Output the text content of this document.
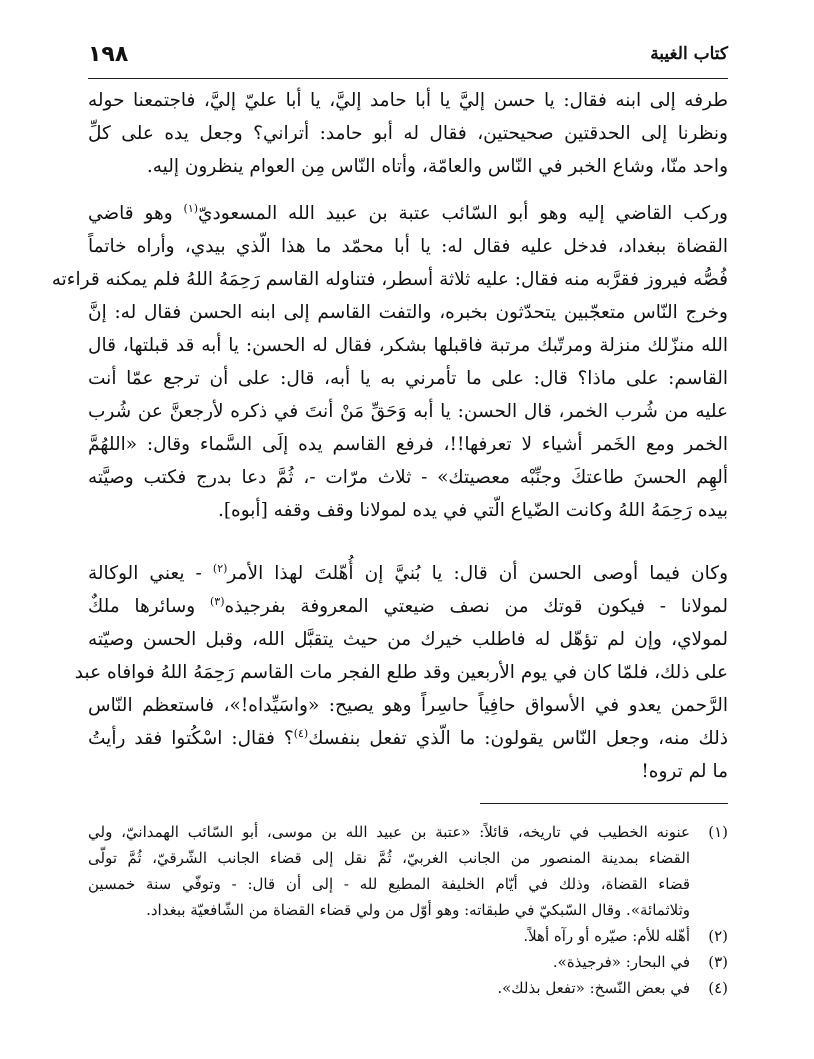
١٩٨	كتاب الغيبة
طرفه إلى ابنه فقال: يا حسن إليَّ يا أبا حامد إليَّ، يا أبا عليّ إليَّ، فاجتمعنا حوله
ونظرنا إلى الحدقتين صحيحتين، فقال له أبو حامد: أتراني؟ وجعل يده على كلِّ
واحد منّا، وشاع الخبر في النّاس والعامّة، وأتاه النّاس مِن العوام ينظرون إليه.
وركب القاضي إليه وهو أبو السّائب عتبة بن عبيد الله المسعوديّ$^{(١)}$ وهو قاضي
القضاة ببغداد، فدخل عليه فقال له: يا أبا محمّد ما هذا الّذي بيدي، وأراه خاتماً
فُصُّه فيروز فقرَّبه منه فقال: عليه ثلاثة أسطر، فتناوله القاسم رَحِمَهُ اللهُ فلم يمكنه قراءته
وخرج النّاس متعجّبين يتحدّثون بخبره، والتفت القاسم إلى ابنه الحسن فقال له: إنَّ
الله منزّلك منزلة ومرتّبك مرتبة فاقبلها بشكر، فقال له الحسن: يا أبه قد قبلتها، قال
القاسم: على ماذا؟ قال: على ما تأمرني به يا أبه، قال: على أن ترجع عمّا أنت
عليه من شُرب الخمر، قال الحسن: يا أبه وَحَقِّ مَنْ أنتَ في ذكره لأرجعنَّ عن شُرب
الخمر ومع الخَمر أشياء لا تعرفها!!، فرفع القاسم يده إلَى السَّماء وقال: «اللهُمَّ
ألهِم الحسنَ طاعتكَ وجنِّبْه معصيتك» - ثلاث مرّات -، ثُمَّ دعا بدرج فكتب وصيَّته
بيده رَحِمَهُ اللهُ وكانت الضّياع الّتي في يده لمولانا وقف وقفه [أبوه].
وكان فيما أوصى الحسن أن قال: يا بُنيَّ إن أُهّلتَ لهذا الأمر$^{(٢)}$ - يعني الوكالة
لمولانا - فيكون قوتك من نصف ضيعتي المعروفة بفرجيذه$^{(٣)}$ وسائرها ملكٌ
لمولاي، وإن لم تؤهّل له فاطلب خيرك من حيث يتقبَّل الله، وقبل الحسن وصيّته
على ذلك، فلمّا كان في يوم الأربعين وقد طلع الفجر مات القاسم رَحِمَهُ اللهُ فوافاه عبد
الرَّحمن يعدو في الأسواق حافِياً حاسِراً وهو يصيح: «واسَيِّداه!»، فاستعظم النّاس
ذلك منه، وجعل النّاس يقولون: ما الّذي تفعل بنفسك$^{(٤)}$؟ فقال: اسْكُتوا فقد رأيتُ
ما لم تروه!
(١)
عنونه الخطيب في تاريخه، قائلاً: «عتبة بن عبيد الله بن موسى، أبو السّائب الهمدانيّ، ولي
القضاء بمدينة المنصور من الجانب الغربيّ، ثُمَّ نقل إلى قضاء الجانب الشّرقيّ، ثُمَّ تولّى
قضاء القضاة، وذلك في أيّام الخليفة المطيع لله - إلى أن قال: - وتوفّي سنة خمسين
وثلاثمائة». وقال السّبكيّ في طبقاته: وهو أوّل من ولي قضاء القضاة من الشّافعيّة ببغداد.
(٢)
أهّله للأم: صيّره أو رآه أهلاً.
(٣)
في البحار: «فرجيذة».
(٤)
في بعض النّسخ: «تفعل بذلك».
